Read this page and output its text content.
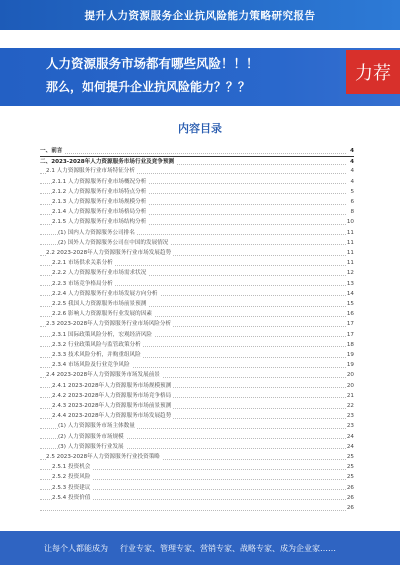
提升人力资源服务企业抗风险能力策略研究报告
人力资源服务市场都有哪些风险！！！
那么，如何提升企业抗风险能力？？？
力荐
内容目录
一、前言	4
二、2023-2028年人力资源服务市场行业及竞争预测	4
2.1 人力资源服务行业市场特征分析	4
2.1.1 人力资源服务行业市场概况分析	4
2.1.2 人力资源服务行业市场特点分析	5
2.1.3 人力资源服务行业市场规模分析	6
2.1.4 人力资源服务行业市场格局分析	8
2.1.5 人力资源服务行业市场结构分析	10
(1) 国内人力资源服务公司排名	11
(2) 国外人力资源服务公司在中国的发展情况	11
2.2 2023-2028年人力资源服务行业市场发展趋势	11
2.2.1 市场供求关系分析	11
2.2.2 人力资源服务行业市场需求状况	12
2.2.3 市场竞争格局分析	13
2.2.4 人力资源服务行业市场发展方向分析	14
2.2.5 我国人力资源服务市场前景预测	15
2.2.6 影响人力资源服务行业发展的因素	16
2.3 2023-2028年人力资源服务行业市场风险分析	17
2.3.1 国际政策风险分析，宏观经济风险	17
2.3.2 行业政策风险与监管政策分析	18
2.3.3 技术风险分析，并购重组风险	19
2.3.4 市场风险及行业竞争风险	19
2.4 2023-2028年人力资源服务市场发展前景	20
2.4.1 2023-2028年人力资源服务市场规模预测	20
2.4.2 2023-2028年人力资源服务市场竞争格局	21
2.4.3 2023-2028年人力资源服务市场前景预测	22
2.4.4 2023-2028年人力资源服务市场发展趋势	23
(1) 人力资源服务市场主体数量	23
(2) 人力资源服务市场规模	24
(3) 人力资源服务行业发展	24
2.5 2023-2028年人力资源服务行业投资策略	25
2.5.1 投资机会	25
2.5.2 投资风险	25
2.5.3 投资建议	26
2.5.4 投资价值	26
26
让每个人都能成为 行业专家、管理专家、营销专家、战略专家、成为企业家……
